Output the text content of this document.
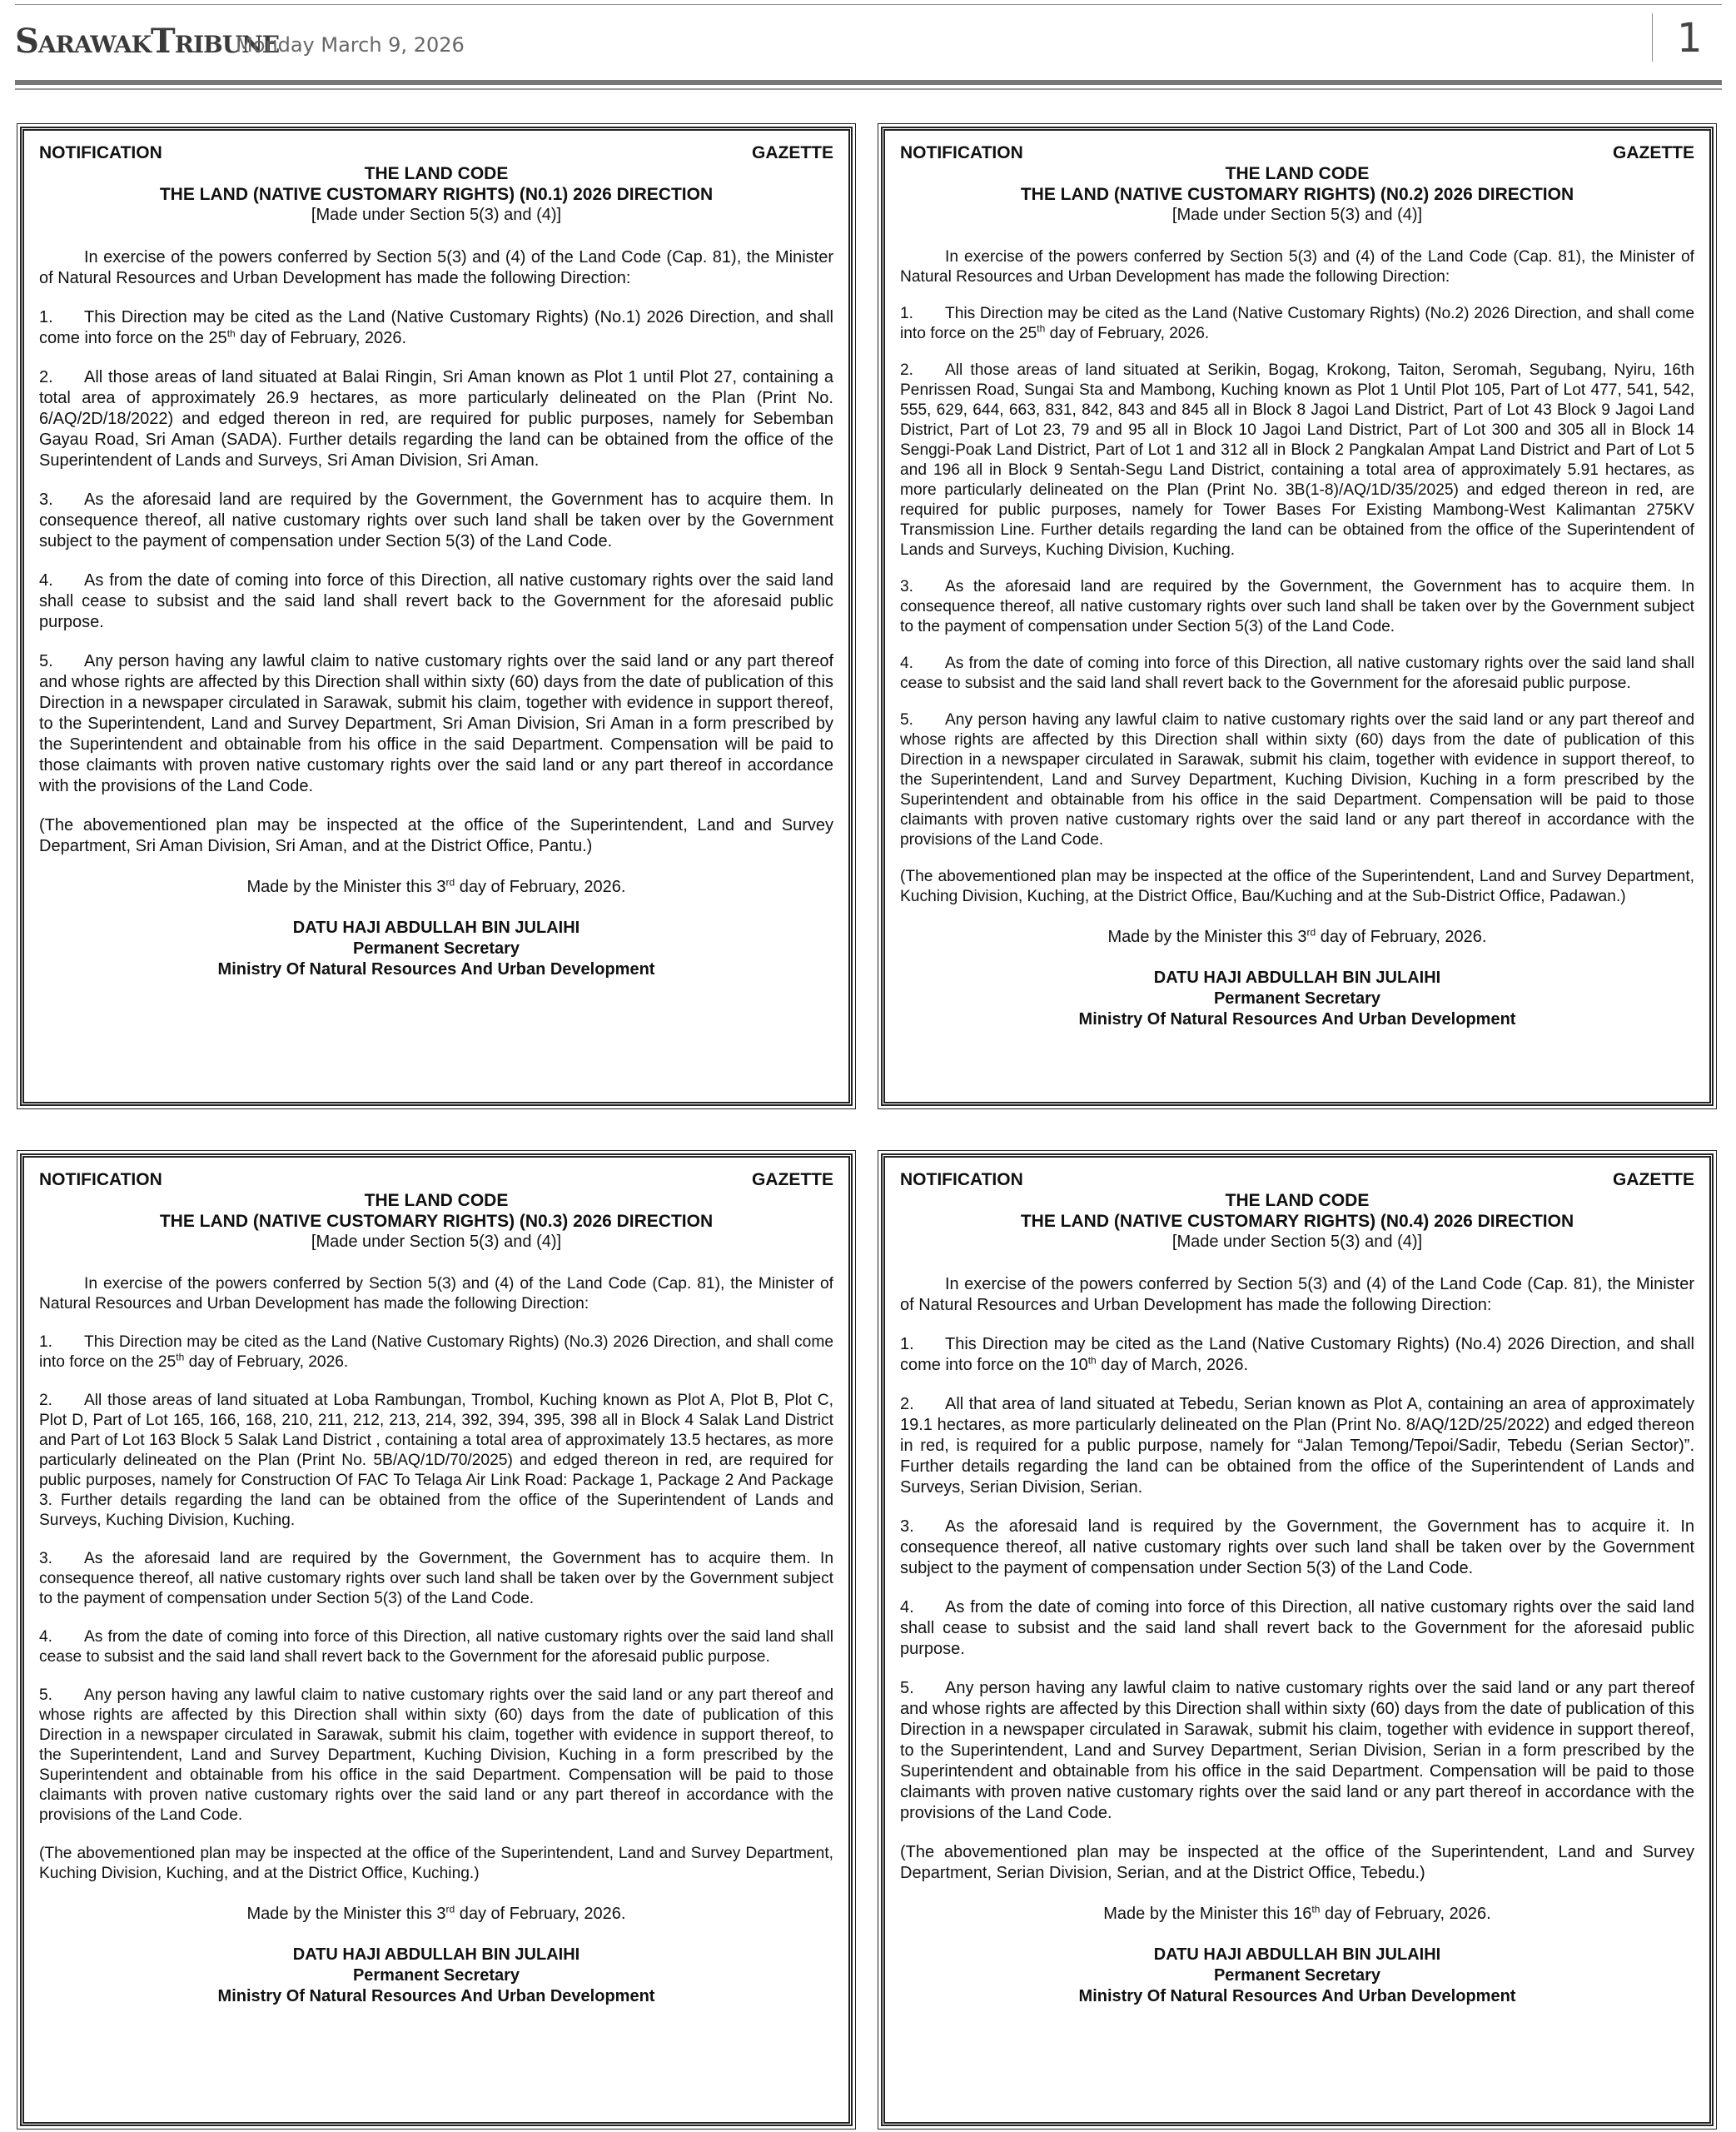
SarawakTribune
Monday March 9, 2026	1
NOTIFICATION	GAZETTE
THE LAND CODE
THE LAND (NATIVE CUSTOMARY RIGHTS) (N0.1) 2026 DIRECTION
[Made under Section 5(3) and (4)]
In exercise of the powers conferred by Section 5(3) and (4) of the Land Code (Cap. 81), the Minister of Natural Resources and Urban Development has made the following Direction:
1. This Direction may be cited as the Land (Native Customary Rights) (No.1) 2026 Direction, and shall come into force on the 25th day of February, 2026.
2. All those areas of land situated at Balai Ringin, Sri Aman known as Plot 1 until Plot 27, containing a total area of approximately 26.9 hectares, as more particularly delineated on the Plan (Print No. 6/AQ/2D/18/2022) and edged thereon in red, are required for public purposes, namely for Sebemban Gayau Road, Sri Aman (SADA). Further details regarding the land can be obtained from the office of the Superintendent of Lands and Surveys, Sri Aman Division, Sri Aman.
3. As the aforesaid land are required by the Government, the Government has to acquire them. In consequence thereof, all native customary rights over such land shall be taken over by the Government subject to the payment of compensation under Section 5(3) of the Land Code.
4. As from the date of coming into force of this Direction, all native customary rights over the said land shall cease to subsist and the said land shall revert back to the Government for the aforesaid public purpose.
5. Any person having any lawful claim to native customary rights over the said land or any part thereof and whose rights are affected by this Direction shall within sixty (60) days from the date of publication of this Direction in a newspaper circulated in Sarawak, submit his claim, together with evidence in support thereof, to the Superintendent, Land and Survey Department, Sri Aman Division, Sri Aman in a form prescribed by the Superintendent and obtainable from his office in the said Department. Compensation will be paid to those claimants with proven native customary rights over the said land or any part thereof in accordance with the provisions of the Land Code.
(The abovementioned plan may be inspected at the office of the Superintendent, Land and Survey Department, Sri Aman Division, Sri Aman, and at the District Office, Pantu.)
Made by the Minister this 3rd day of February, 2026.
DATU HAJI ABDULLAH BIN JULAIHI
Permanent Secretary
Ministry Of Natural Resources And Urban Development
NOTIFICATION	GAZETTE
THE LAND CODE
THE LAND (NATIVE CUSTOMARY RIGHTS) (N0.2) 2026 DIRECTION
[Made under Section 5(3) and (4)]
In exercise of the powers conferred by Section 5(3) and (4) of the Land Code (Cap. 81), the Minister of Natural Resources and Urban Development has made the following Direction:
1. This Direction may be cited as the Land (Native Customary Rights) (No.2) 2026 Direction, and shall come into force on the 25th day of February, 2026.
2. All those areas of land situated at Serikin, Bogag, Krokong, Taiton, Seromah, Segubang, Nyiru, 16th Penrissen Road, Sungai Sta and Mambong, Kuching known as Plot 1 Until Plot 105, Part of Lot 477, 541, 542, 555, 629, 644, 663, 831, 842, 843 and 845 all in Block 8 Jagoi Land District, Part of Lot 43 Block 9 Jagoi Land District, Part of Lot 23, 79 and 95 all in Block 10 Jagoi Land District, Part of Lot 300 and 305 all in Block 14 Senggi-Poak Land District, Part of Lot 1 and 312 all in Block 2 Pangkalan Ampat Land District and Part of Lot 5 and 196 all in Block 9 Sentah-Segu Land District, containing a total area of approximately 5.91 hectares, as more particularly delineated on the Plan (Print No. 3B(1-8)/AQ/1D/35/2025) and edged thereon in red, are required for public purposes, namely for Tower Bases For Existing Mambong-West Kalimantan 275KV Transmission Line. Further details regarding the land can be obtained from the office of the Superintendent of Lands and Surveys, Kuching Division, Kuching.
3. As the aforesaid land are required by the Government, the Government has to acquire them. In consequence thereof, all native customary rights over such land shall be taken over by the Government subject to the payment of compensation under Section 5(3) of the Land Code.
4. As from the date of coming into force of this Direction, all native customary rights over the said land shall cease to subsist and the said land shall revert back to the Government for the aforesaid public purpose.
5. Any person having any lawful claim to native customary rights over the said land or any part thereof and whose rights are affected by this Direction shall within sixty (60) days from the date of publication of this Direction in a newspaper circulated in Sarawak, submit his claim, together with evidence in support thereof, to the Superintendent, Land and Survey Department, Kuching Division, Kuching in a form prescribed by the Superintendent and obtainable from his office in the said Department. Compensation will be paid to those claimants with proven native customary rights over the said land or any part thereof in accordance with the provisions of the Land Code.
(The abovementioned plan may be inspected at the office of the Superintendent, Land and Survey Department, Kuching Division, Kuching, at the District Office, Bau/Kuching and at the Sub-District Office, Padawan.)
Made by the Minister this 3rd day of February, 2026.
DATU HAJI ABDULLAH BIN JULAIHI
Permanent Secretary
Ministry Of Natural Resources And Urban Development
NOTIFICATION	GAZETTE
THE LAND CODE
THE LAND (NATIVE CUSTOMARY RIGHTS) (N0.3) 2026 DIRECTION
[Made under Section 5(3) and (4)]
In exercise of the powers conferred by Section 5(3) and (4) of the Land Code (Cap. 81), the Minister of Natural Resources and Urban Development has made the following Direction:
1. This Direction may be cited as the Land (Native Customary Rights) (No.3) 2026 Direction, and shall come into force on the 25th day of February, 2026.
2. All those areas of land situated at Loba Rambungan, Trombol, Kuching known as Plot A, Plot B, Plot C, Plot D, Part of Lot 165, 166, 168, 210, 211, 212, 213, 214, 392, 394, 395, 398 all in Block 4 Salak Land District and Part of Lot 163 Block 5 Salak Land District , containing a total area of approximately 13.5 hectares, as more particularly delineated on the Plan (Print No. 5B/AQ/1D/70/2025) and edged thereon in red, are required for public purposes, namely for Construction Of FAC To Telaga Air Link Road: Package 1, Package 2 And Package 3. Further details regarding the land can be obtained from the office of the Superintendent of Lands and Surveys, Kuching Division, Kuching.
3. As the aforesaid land are required by the Government, the Government has to acquire them. In consequence thereof, all native customary rights over such land shall be taken over by the Government subject to the payment of compensation under Section 5(3) of the Land Code.
4. As from the date of coming into force of this Direction, all native customary rights over the said land shall cease to subsist and the said land shall revert back to the Government for the aforesaid public purpose.
5. Any person having any lawful claim to native customary rights over the said land or any part thereof and whose rights are affected by this Direction shall within sixty (60) days from the date of publication of this Direction in a newspaper circulated in Sarawak, submit his claim, together with evidence in support thereof, to the Superintendent, Land and Survey Department, Kuching Division, Kuching in a form prescribed by the Superintendent and obtainable from his office in the said Department. Compensation will be paid to those claimants with proven native customary rights over the said land or any part thereof in accordance with the provisions of the Land Code.
(The abovementioned plan may be inspected at the office of the Superintendent, Land and Survey Department, Kuching Division, Kuching, and at the District Office, Kuching.)
Made by the Minister this 3rd day of February, 2026.
DATU HAJI ABDULLAH BIN JULAIHI
Permanent Secretary
Ministry Of Natural Resources And Urban Development
NOTIFICATION	GAZETTE
THE LAND CODE
THE LAND (NATIVE CUSTOMARY RIGHTS) (N0.4) 2026 DIRECTION
[Made under Section 5(3) and (4)]
In exercise of the powers conferred by Section 5(3) and (4) of the Land Code (Cap. 81), the Minister of Natural Resources and Urban Development has made the following Direction:
1. This Direction may be cited as the Land (Native Customary Rights) (No.4) 2026 Direction, and shall come into force on the 10th day of March, 2026.
2. All that area of land situated at Tebedu, Serian known as Plot A, containing an area of approximately 19.1 hectares, as more particularly delineated on the Plan (Print No. 8/AQ/12D/25/2022) and edged thereon in red, is required for a public purpose, namely for “Jalan Temong/Tepoi/Sadir, Tebedu (Serian Sector)”. Further details regarding the land can be obtained from the office of the Superintendent of Lands and Surveys, Serian Division, Serian.
3. As the aforesaid land is required by the Government, the Government has to acquire it. In consequence thereof, all native customary rights over such land shall be taken over by the Government subject to the payment of compensation under Section 5(3) of the Land Code.
4. As from the date of coming into force of this Direction, all native customary rights over the said land shall cease to subsist and the said land shall revert back to the Government for the aforesaid public purpose.
5. Any person having any lawful claim to native customary rights over the said land or any part thereof and whose rights are affected by this Direction shall within sixty (60) days from the date of publication of this Direction in a newspaper circulated in Sarawak, submit his claim, together with evidence in support thereof, to the Superintendent, Land and Survey Department, Serian Division, Serian in a form prescribed by the Superintendent and obtainable from his office in the said Department. Compensation will be paid to those claimants with proven native customary rights over the said land or any part thereof in accordance with the provisions of the Land Code.
(The abovementioned plan may be inspected at the office of the Superintendent, Land and Survey Department, Serian Division, Serian, and at the District Office, Tebedu.)
Made by the Minister this 16th day of February, 2026.
DATU HAJI ABDULLAH BIN JULAIHI
Permanent Secretary
Ministry Of Natural Resources And Urban Development
